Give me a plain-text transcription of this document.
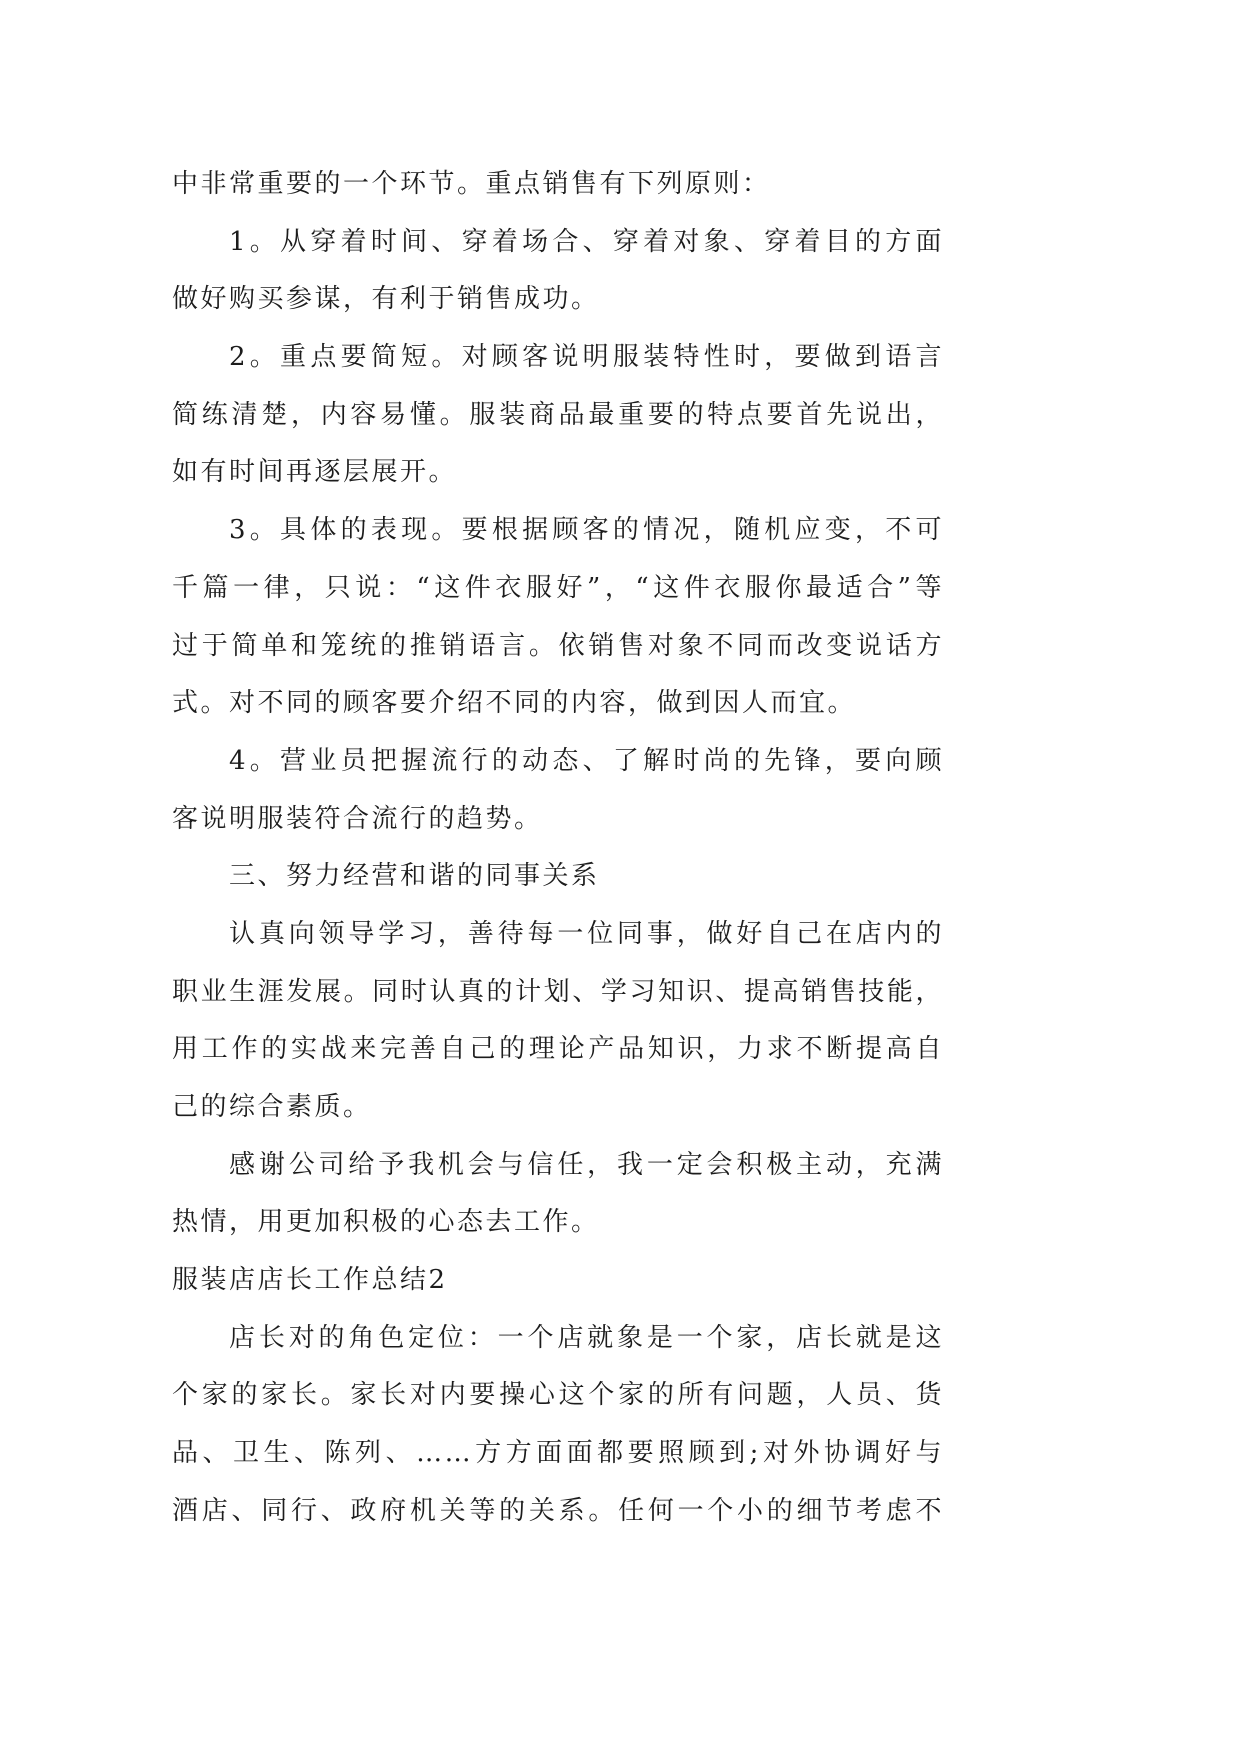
中非常重要的一个环节。重点销售有下列原则：
1。从穿着时间、穿着场合、穿着对象、穿着目的方面
做好购买参谋，有利于销售成功。
2。重点要简短。对顾客说明服装特性时，要做到语言
简练清楚，内容易懂。服装商品最重要的特点要首先说出，
如有时间再逐层展开。
3。具体的表现。要根据顾客的情况，随机应变，不可
千篇一律，只说：“这件衣服好”，“这件衣服你最适合”等
过于简单和笼统的推销语言。依销售对象不同而改变说话方
式。对不同的顾客要介绍不同的内容，做到因人而宜。
4。营业员把握流行的动态、了解时尚的先锋，要向顾
客说明服装符合流行的趋势。
三、努力经营和谐的同事关系
认真向领导学习，善待每一位同事，做好自己在店内的
职业生涯发展。同时认真的计划、学习知识、提高销售技能，
用工作的实战来完善自己的理论产品知识，力求不断提高自
己的综合素质。
感谢公司给予我机会与信任，我一定会积极主动，充满
热情，用更加积极的心态去工作。
服装店店长工作总结2
店长对的角色定位：一个店就象是一个家，店长就是这
个家的家长。家长对内要操心这个家的所有问题，人员、货
品、卫生、陈列、……方方面面都要照顾到;对外协调好与
酒店、同行、政府机关等的关系。任何一个小的细节考虑不
